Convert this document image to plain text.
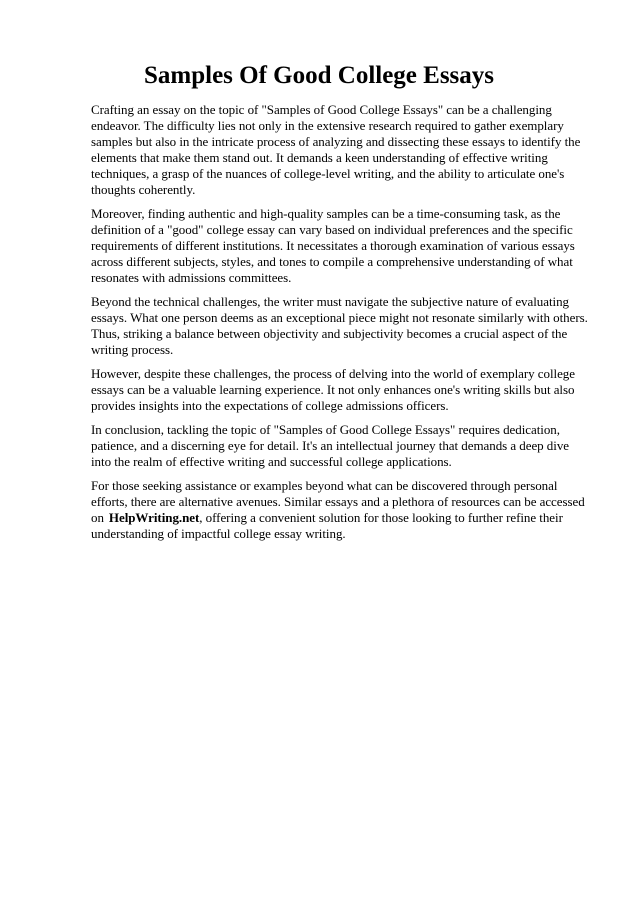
Samples Of Good College Essays

Crafting an essay on the topic of "Samples of Good College Essays" can be a challenging endeavor. The difficulty lies not only in the extensive research required to gather exemplary samples but also in the intricate process of analyzing and dissecting these essays to identify the elements that make them stand out. It demands a keen understanding of effective writing techniques, a grasp of the nuances of college-level writing, and the ability to articulate one's thoughts coherently.

Moreover, finding authentic and high-quality samples can be a time-consuming task, as the definition of a "good" college essay can vary based on individual preferences and the specific requirements of different institutions. It necessitates a thorough examination of various essays across different subjects, styles, and tones to compile a comprehensive understanding of what resonates with admissions committees.

Beyond the technical challenges, the writer must navigate the subjective nature of evaluating essays. What one person deems as an exceptional piece might not resonate similarly with others. Thus, striking a balance between objectivity and subjectivity becomes a crucial aspect of the writing process.

However, despite these challenges, the process of delving into the world of exemplary college essays can be a valuable learning experience. It not only enhances one's writing skills but also provides insights into the expectations of college admissions officers.

In conclusion, tackling the topic of "Samples of Good College Essays" requires dedication, patience, and a discerning eye for detail. It's an intellectual journey that demands a deep dive into the realm of effective writing and successful college applications.

For those seeking assistance or examples beyond what can be discovered through personal efforts, there are alternative avenues. Similar essays and a plethora of resources can be accessed on HelpWriting.net, offering a convenient solution for those looking to further refine their understanding of impactful college essay writing.
